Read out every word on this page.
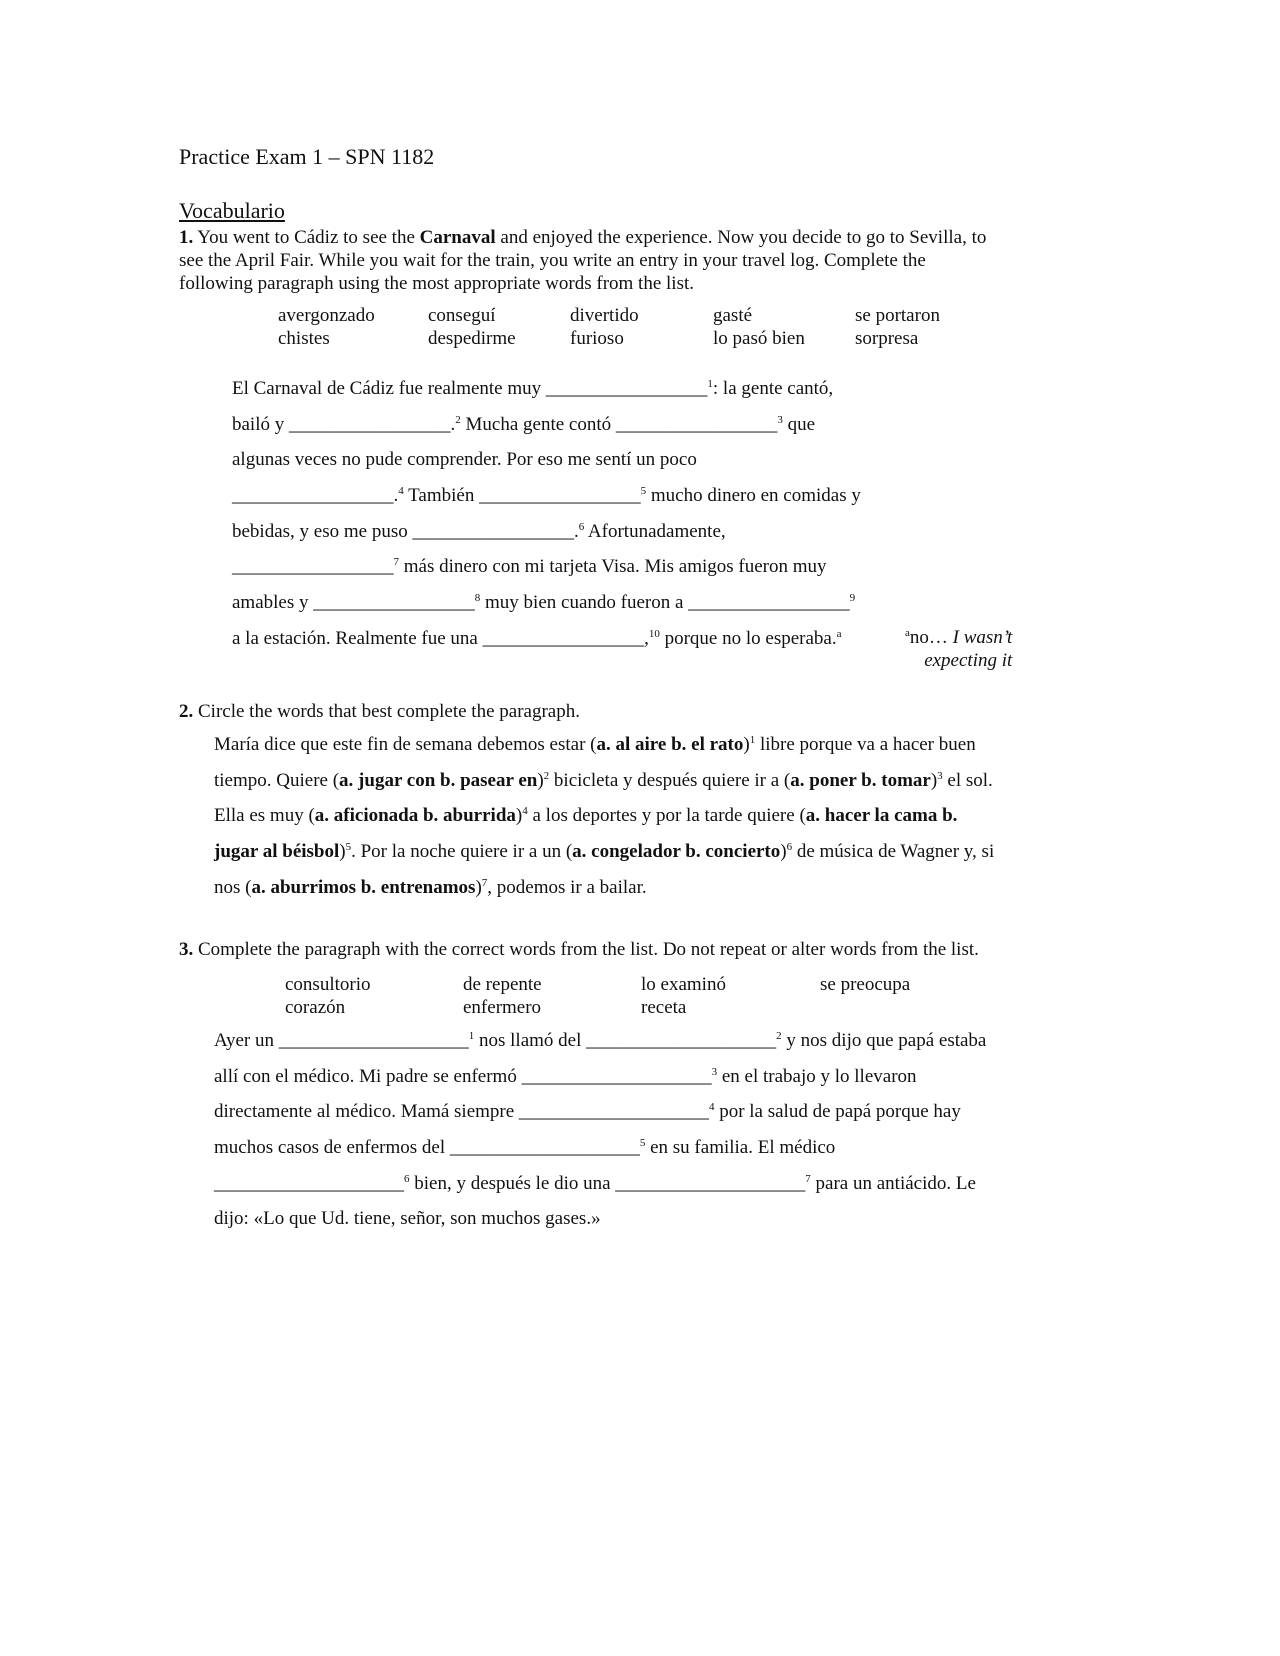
Practice Exam 1 – SPN 1182
Vocabulario
1. You went to Cádiz to see the Carnaval and enjoyed the experience. Now you decide to go to Sevilla, to
see the April Fair. While you wait for the train, you write an entry in your travel log. Complete the
following paragraph using the most appropriate words from the list.
avergonzado	conseguí	divertido	gasté	se portaron
chistes	despedirme	furioso	lo pasó bien	sorpresa
El Carnaval de Cádiz fue realmente muy _________________$^1$: la gente cantó,
bailó y _________________.$^2$ Mucha gente contó _________________$^3$ que
algunas veces no pude comprender. Por eso me sentí un poco
_________________.$^4$ También _________________$^5$ mucho dinero en comidas y
bebidas, y eso me puso _________________.$^6$ Afortunadamente,
_________________$^7$ más dinero con mi tarjeta Visa. Mis amigos fueron muy
amables y _________________$^8$ muy bien cuando fueron a _________________$^9$
a la estación. Realmente fue una _________________,$^{10}$ porque no lo esperaba.$^a$	$^a$no… I wasn’t
expecting it
2. Circle the words that best complete the paragraph.
María dice que este fin de semana debemos estar (a. al aire b. el rato)$^1$ libre porque va a hacer buen
tiempo. Quiere (a. jugar con b. pasear en)$^2$ bicicleta y después quiere ir a (a. poner b. tomar)$^3$ el sol.
Ella es muy (a. aficionada b. aburrida)$^4$ a los deportes y por la tarde quiere (a. hacer la cama b.
jugar al béisbol)$^5$. Por la noche quiere ir a un (a. congelador b. concierto)$^6$ de música de Wagner y, si
nos (a. aburrimos b. entrenamos)$^7$, podemos ir a bailar.
3. Complete the paragraph with the correct words from the list. Do not repeat or alter words from the list.
consultorio	de repente	lo examinó	se preocupa
corazón	enfermero	receta
Ayer un ____________________$^1$ nos llamó del ____________________$^2$ y nos dijo que papá estaba
allí con el médico. Mi padre se enfermó ____________________$^3$ en el trabajo y lo llevaron
directamente al médico. Mamá siempre ____________________$^4$ por la salud de papá porque hay
muchos casos de enfermos del ____________________$^5$ en su familia. El médico
____________________$^6$ bien, y después le dio una ____________________$^7$ para un antiácido. Le
dijo: «Lo que Ud. tiene, señor, son muchos gases.»
